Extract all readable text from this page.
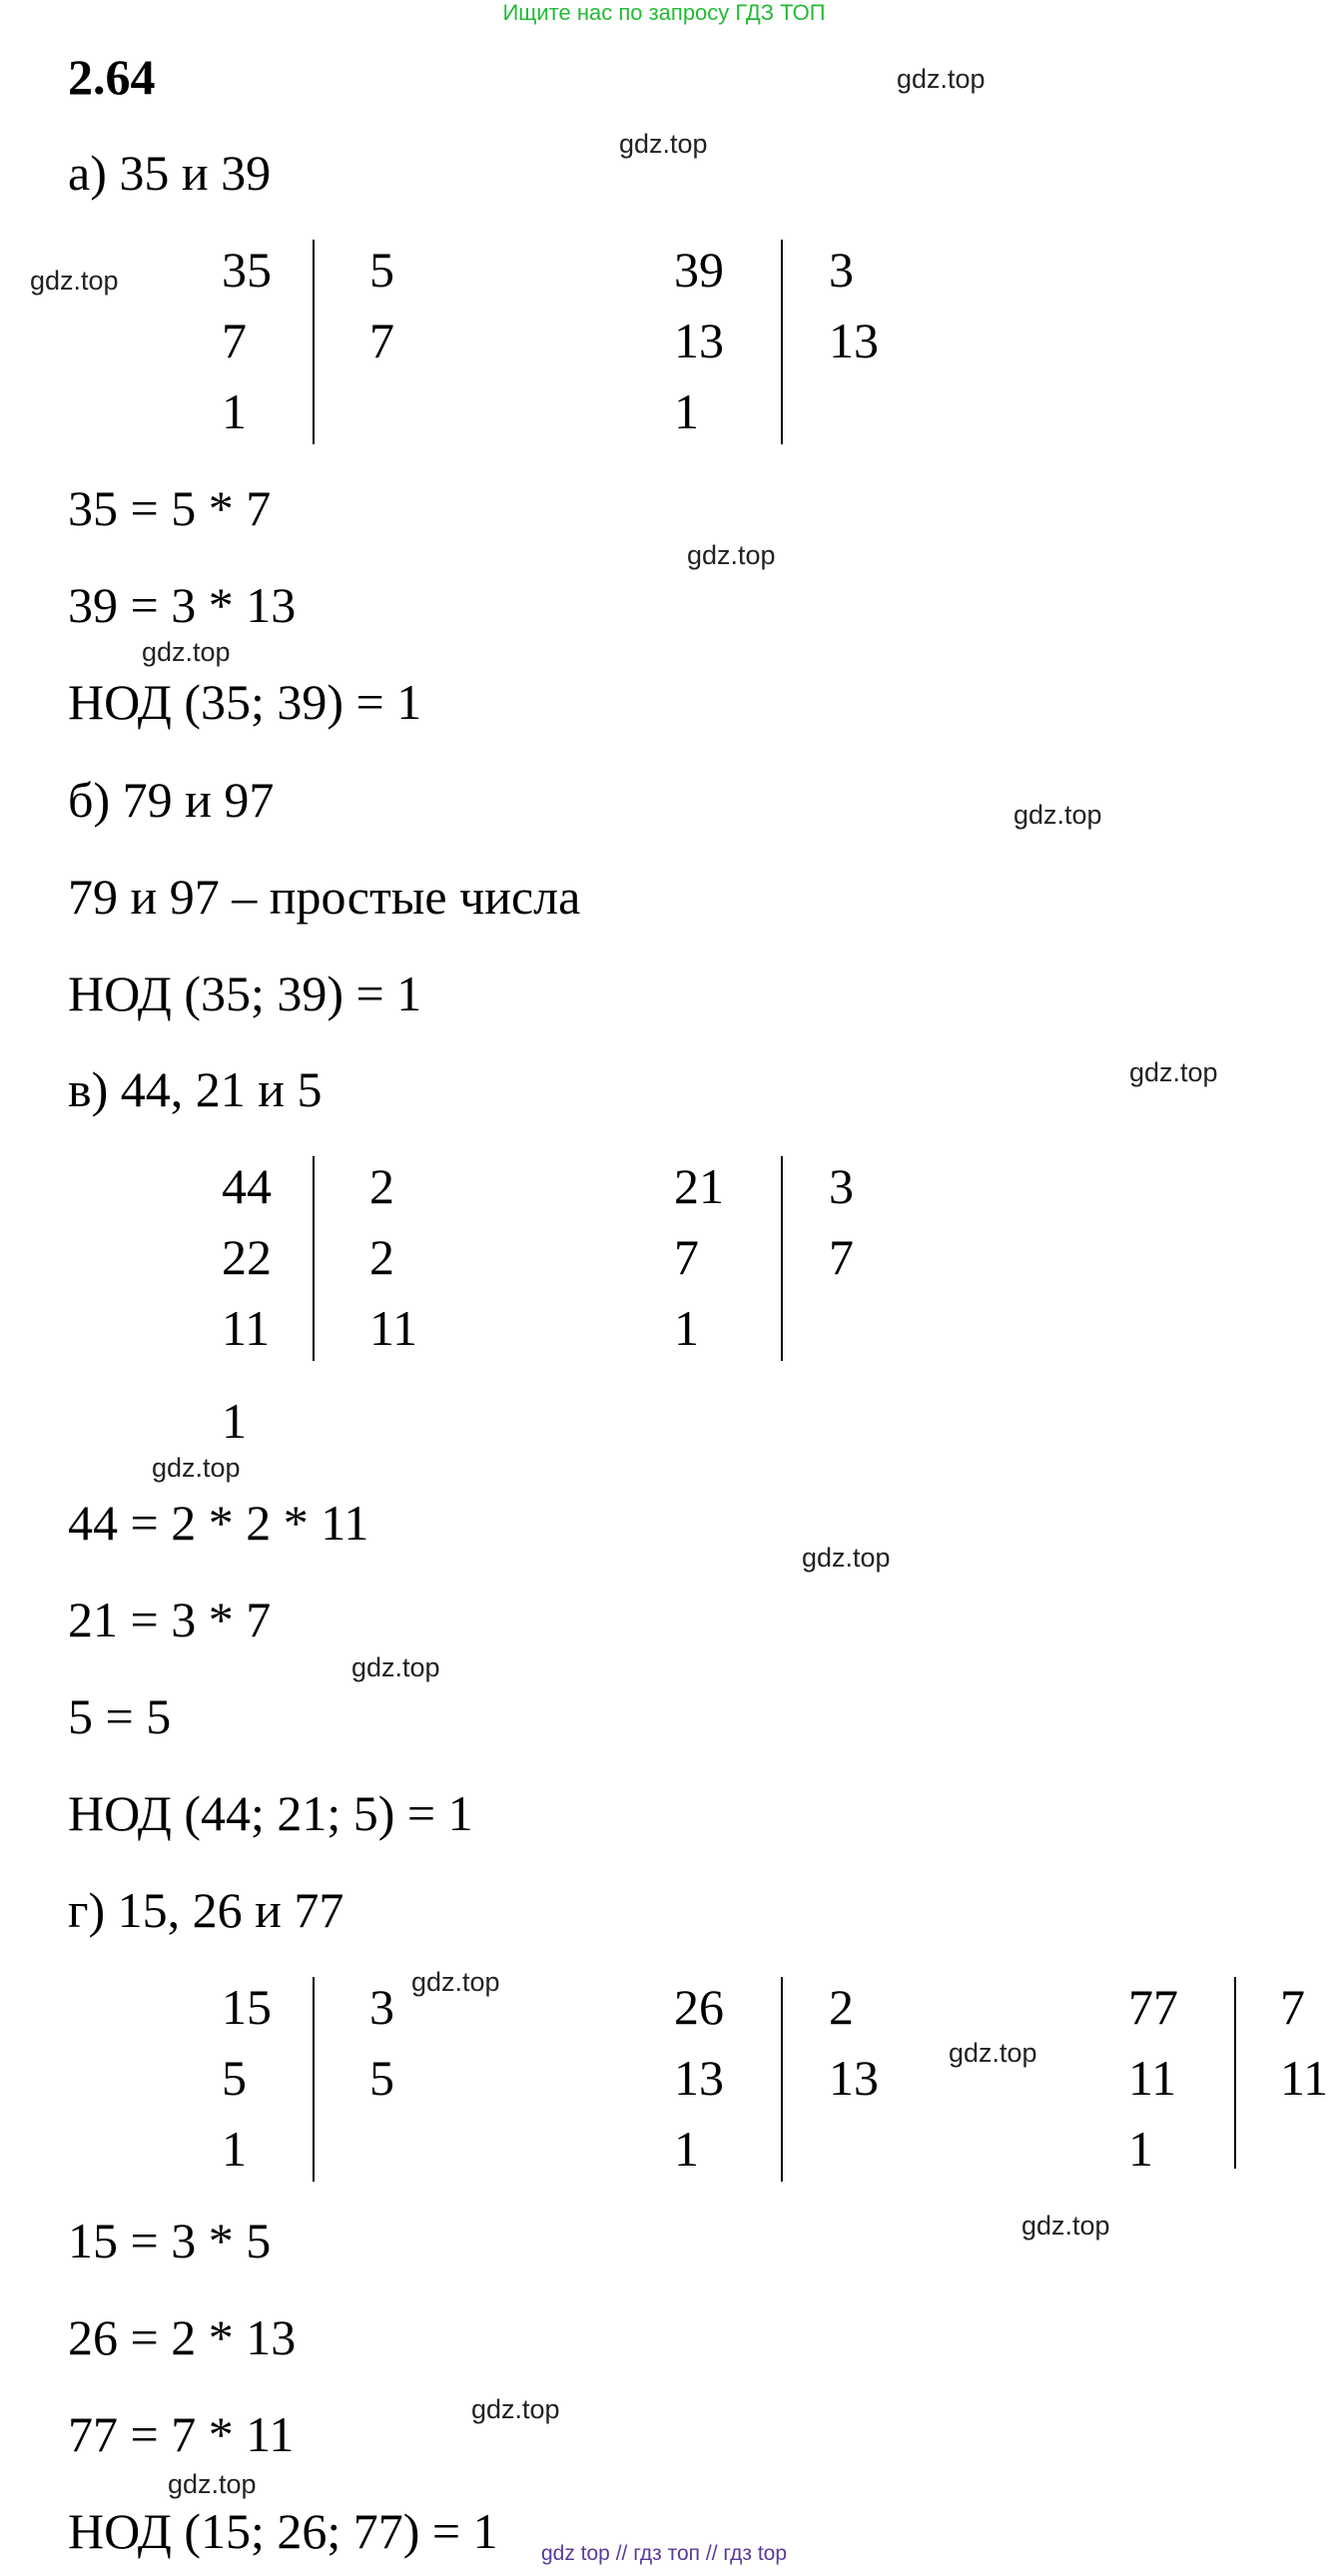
Ищите нас по запросу ГДЗ ТОП
2.64
а) 35 и 39
35
7
1
5
7
39
13
1
3
13
35 = 5 * 7
39 = 3 * 13
НОД (35; 39) = 1
б) 79 и 97
79 и 97 – простые числа
НОД (35; 39) = 1
в) 44, 21 и 5
44
22
11
2
2
11
21
7
1
3
7
1
44 = 2 * 2 * 11
21 = 3 * 7
5 = 5
НОД (44; 21; 5) = 1
г) 15, 26 и 77
15
5
1
3
5
26
13
1
2
13
77
11
1
7
11
15 = 3 * 5
26 = 2 * 13
77 = 7 * 11
НОД (15; 26; 77) = 1
gdz.top
gdz.top
gdz.top
gdz.top
gdz.top
gdz.top
gdz.top
gdz.top
gdz.top
gdz.top
gdz.top
gdz.top
gdz.top
gdz.top
gdz.top
gdz top // гдз топ // гдз top
